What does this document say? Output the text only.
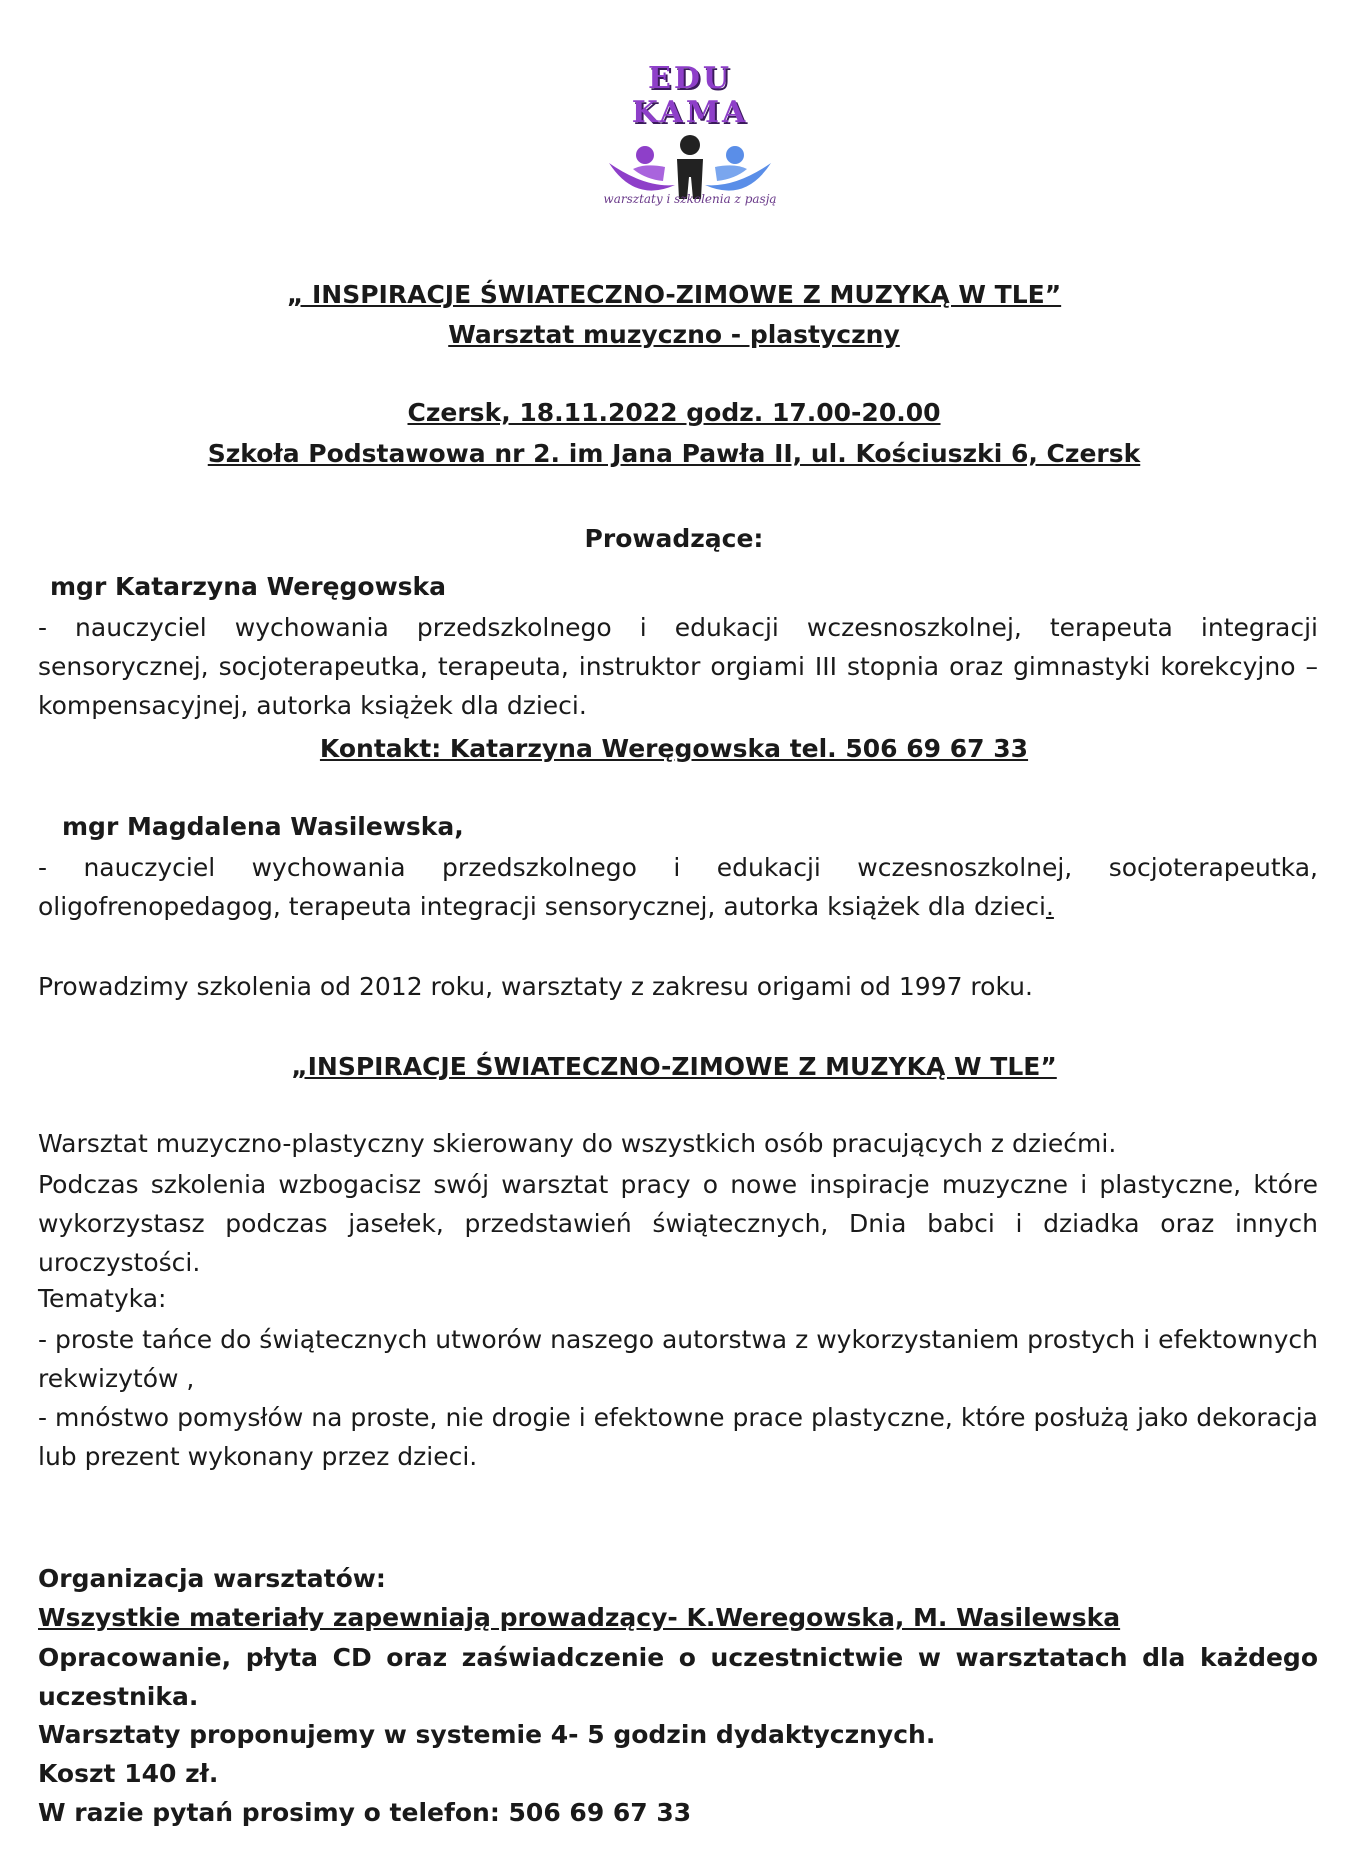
EDU
KAMA
warsztaty i szkolenia z pasją
„ INSPIRACJE ŚWIATECZNO-ZIMOWE Z MUZYKĄ W TLE”
Warsztat muzyczno - plastyczny
Czersk, 18.11.2022 godz. 17.00-20.00
Szkoła Podstawowa nr 2. im Jana Pawła II, ul. Kościuszki 6, Czersk
Prowadzące:
mgr Katarzyna Weręgowska
- nauczyciel wychowania przedszkolnego i edukacji wczesnoszkolnej, terapeuta integracji sensorycznej, socjoterapeutka, terapeuta, instruktor orgiami III stopnia oraz gimnastyki korekcyjno – kompensacyjnej, autorka książek dla dzieci.
Kontakt: Katarzyna Weręgowska tel. 506 69 67 33
mgr Magdalena Wasilewska,
- nauczyciel wychowania przedszkolnego i edukacji wczesnoszkolnej, socjoterapeutka, oligofrenopedagog, terapeuta integracji sensorycznej, autorka książek dla dzieci.
Prowadzimy szkolenia od 2012 roku, warsztaty z zakresu origami od 1997 roku.
„INSPIRACJE ŚWIATECZNO-ZIMOWE Z MUZYKĄ W TLE”
Warsztat muzyczno-plastyczny skierowany do wszystkich osób pracujących z dziećmi.
Podczas szkolenia wzbogacisz swój warsztat pracy o nowe inspiracje muzyczne i plastyczne, które wykorzystasz podczas jasełek, przedstawień świątecznych, Dnia babci i dziadka oraz innych uroczystości.
Tematyka:
- proste tańce do świątecznych utworów naszego autorstwa z wykorzystaniem prostych i efektownych rekwizytów ,
- mnóstwo pomysłów na proste, nie drogie i efektowne prace plastyczne, które posłużą jako dekoracja lub prezent wykonany przez dzieci.
Organizacja warsztatów:
Wszystkie materiały zapewniają prowadzący- K.Weregowska, M. Wasilewska
Opracowanie, płyta CD oraz zaświadczenie o uczestnictwie w warsztatach dla każdego uczestnika.
Warsztaty proponujemy w systemie 4- 5 godzin dydaktycznych.
Koszt 140 zł.
W razie pytań prosimy o telefon: 506 69 67 33
